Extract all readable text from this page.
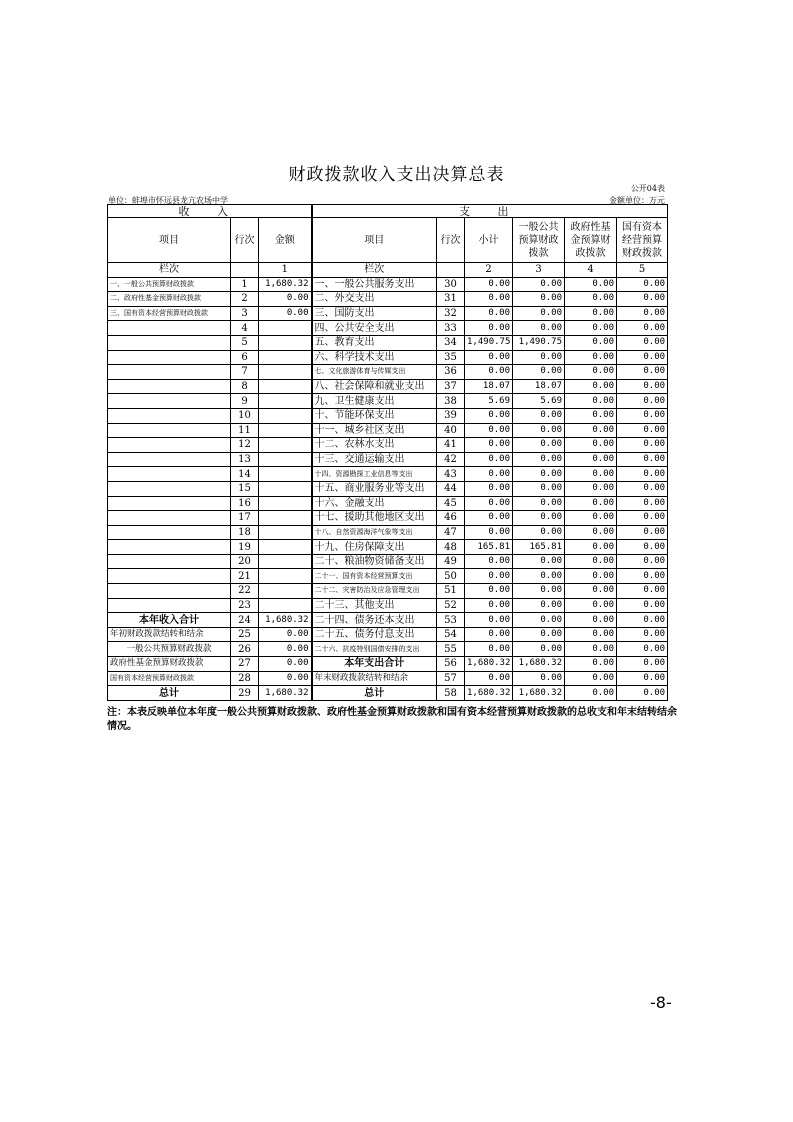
财政拨款收入支出决算总表
公开04表
单位：蚌埠市怀远县龙亢农场中学	金额单位：万元
收 入			支 出					
项目	行次	金额	项目	行次	小计	一般公共预算财政拨款	政府性基金预算财政拨款	国有资本经营预算财政拨款
栏次		1	栏次		2	3	4	5
一、一般公共预算财政拨款	1	1,680.32	一、一般公共服务支出	30	0.00	0.00	0.00	0.00
二、政府性基金预算财政拨款	2	0.00	二、外交支出	31	0.00	0.00	0.00	0.00
三、国有资本经营预算财政拨款	3	0.00	三、国防支出	32	0.00	0.00	0.00	0.00
	4		四、公共安全支出	33	0.00	0.00	0.00	0.00
	5		五、教育支出	34	1,490.75	1,490.75	0.00	0.00
	6		六、科学技术支出	35	0.00	0.00	0.00	0.00
	7		七、文化旅游体育与传媒支出	36	0.00	0.00	0.00	0.00
	8		八、社会保障和就业支出	37	18.07	18.07	0.00	0.00
	9		九、卫生健康支出	38	5.69	5.69	0.00	0.00
	10		十、节能环保支出	39	0.00	0.00	0.00	0.00
	11		十一、城乡社区支出	40	0.00	0.00	0.00	0.00
	12		十二、农林水支出	41	0.00	0.00	0.00	0.00
	13		十三、交通运输支出	42	0.00	0.00	0.00	0.00
	14		十四、资源勘探工业信息等支出	43	0.00	0.00	0.00	0.00
	15		十五、商业服务业等支出	44	0.00	0.00	0.00	0.00
	16		十六、金融支出	45	0.00	0.00	0.00	0.00
	17		十七、援助其他地区支出	46	0.00	0.00	0.00	0.00
	18		十八、自然资源海洋气象等支出	47	0.00	0.00	0.00	0.00
	19		十九、住房保障支出	48	165.81	165.81	0.00	0.00
	20		二十、粮油物资储备支出	49	0.00	0.00	0.00	0.00
	21		二十一、国有资本经营预算支出	50	0.00	0.00	0.00	0.00
	22		二十二、灾害防治及应急管理支出	51	0.00	0.00	0.00	0.00
	23		二十三、其他支出	52	0.00	0.00	0.00	0.00
本年收入合计	24	1,680.32	二十四、债务还本支出	53	0.00	0.00	0.00	0.00
年初财政拨款结转和结余	25	0.00	二十五、债务付息支出	54	0.00	0.00	0.00	0.00
一般公共预算财政拨款	26	0.00	二十六、抗疫特别国债安排的支出	55	0.00	0.00	0.00	0.00
政府性基金预算财政拨款	27	0.00	本年支出合计	56	1,680.32	1,680.32	0.00	0.00
国有资本经营预算财政拨款	28	0.00	年末财政拨款结转和结余	57	0.00	0.00	0.00	0.00
总计	29	1,680.32	总计	58	1,680.32	1,680.32	0.00	0.00
注：本表反映单位本年度一般公共预算财政拨款、政府性基金预算财政拨款和国有资本经营预算财政拨款的总收支和年末结转结余情况。
-8-
